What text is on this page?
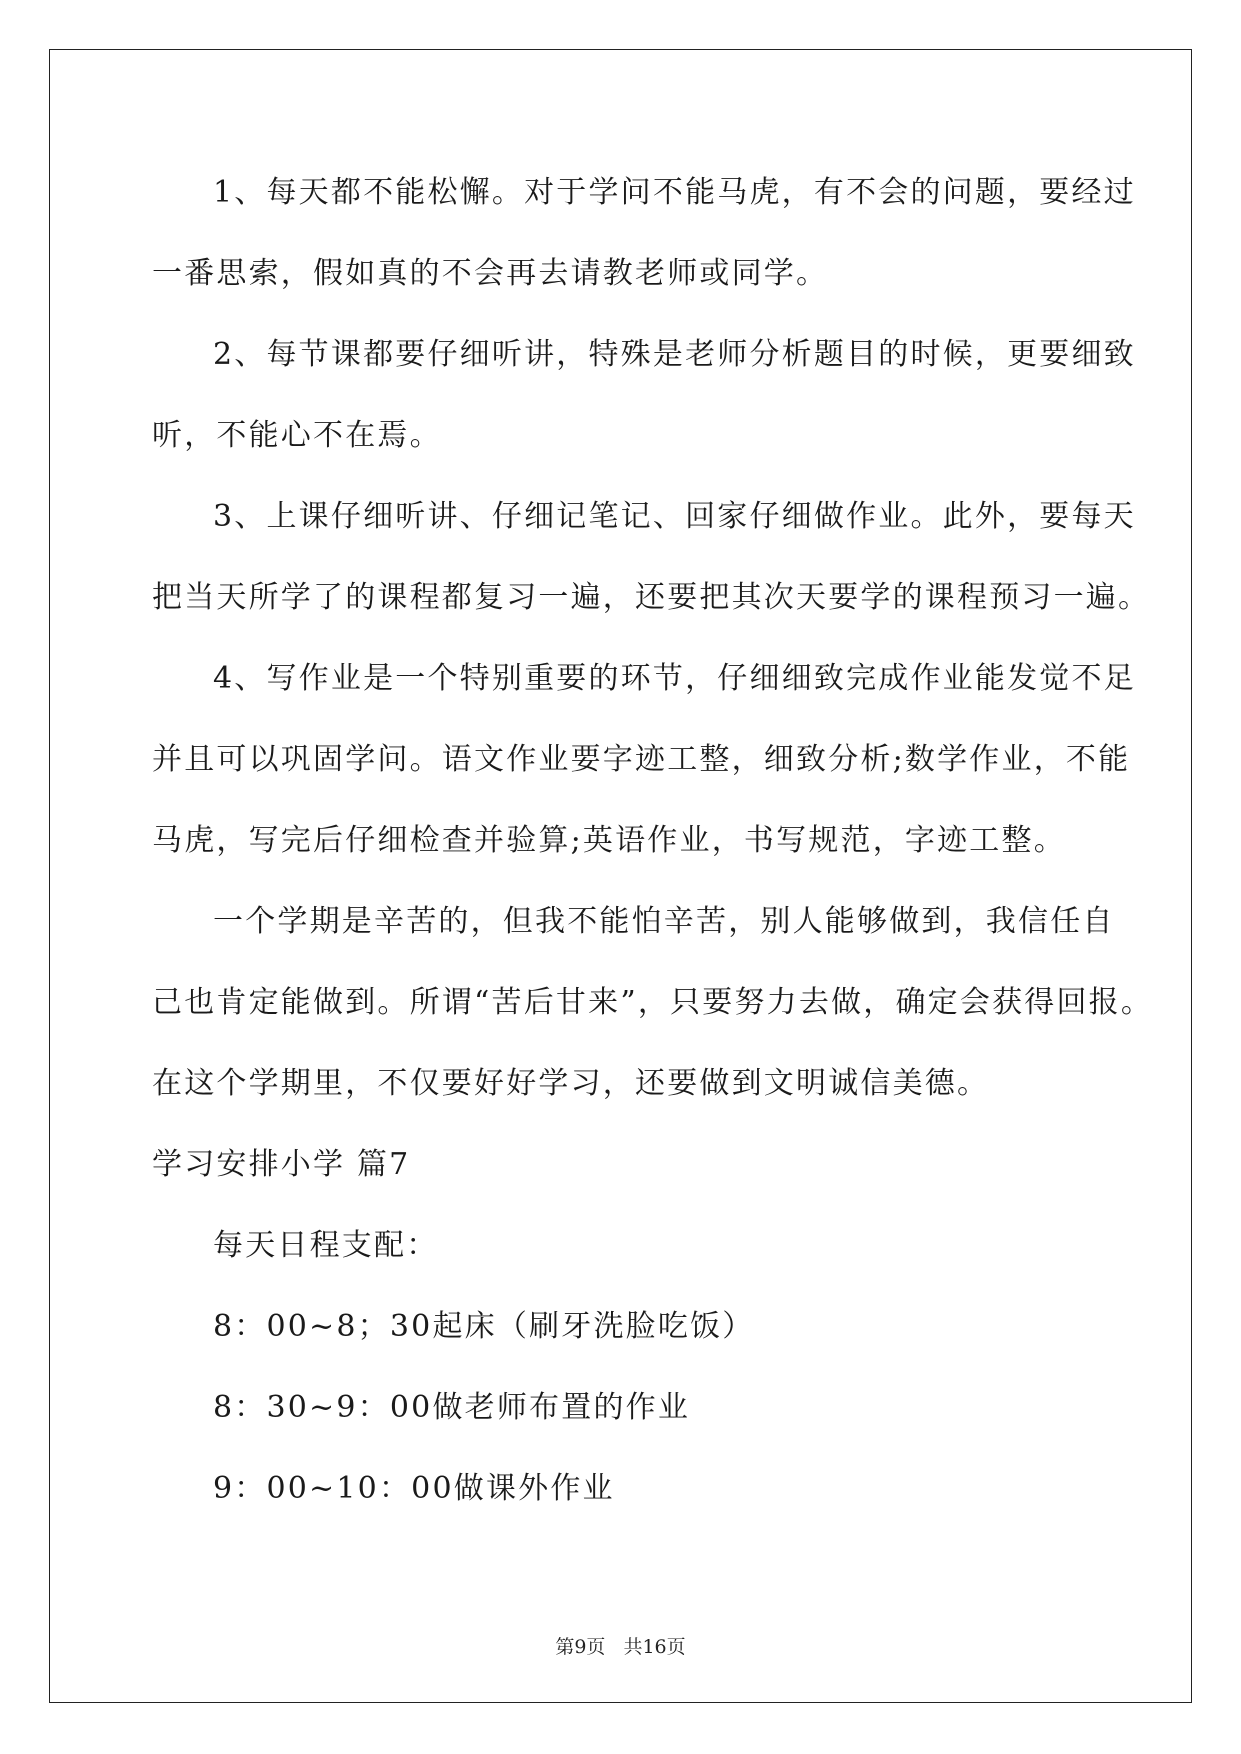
1、每天都不能松懈。对于学问不能马虎，有不会的问题，要经过
一番思索，假如真的不会再去请教老师或同学。
2、每节课都要仔细听讲，特殊是老师分析题目的时候，更要细致
听，不能心不在焉。
3、上课仔细听讲、仔细记笔记、回家仔细做作业。此外，要每天
把当天所学了的课程都复习一遍，还要把其次天要学的课程预习一遍。
4、写作业是一个特别重要的环节，仔细细致完成作业能发觉不足
并且可以巩固学问。语文作业要字迹工整，细致分析;数学作业，不能
马虎，写完后仔细检查并验算;英语作业，书写规范，字迹工整。
一个学期是辛苦的，但我不能怕辛苦，别人能够做到，我信任自
己也肯定能做到。所谓“苦后甘来”，只要努力去做，确定会获得回报。
在这个学期里，不仅要好好学习，还要做到文明诚信美德。
学习安排小学 篇7
每天日程支配：
8：00~8；30起床（刷牙洗脸吃饭）
8：30~9：00做老师布置的作业
9：00~10：00做课外作业
第9页 共16页
